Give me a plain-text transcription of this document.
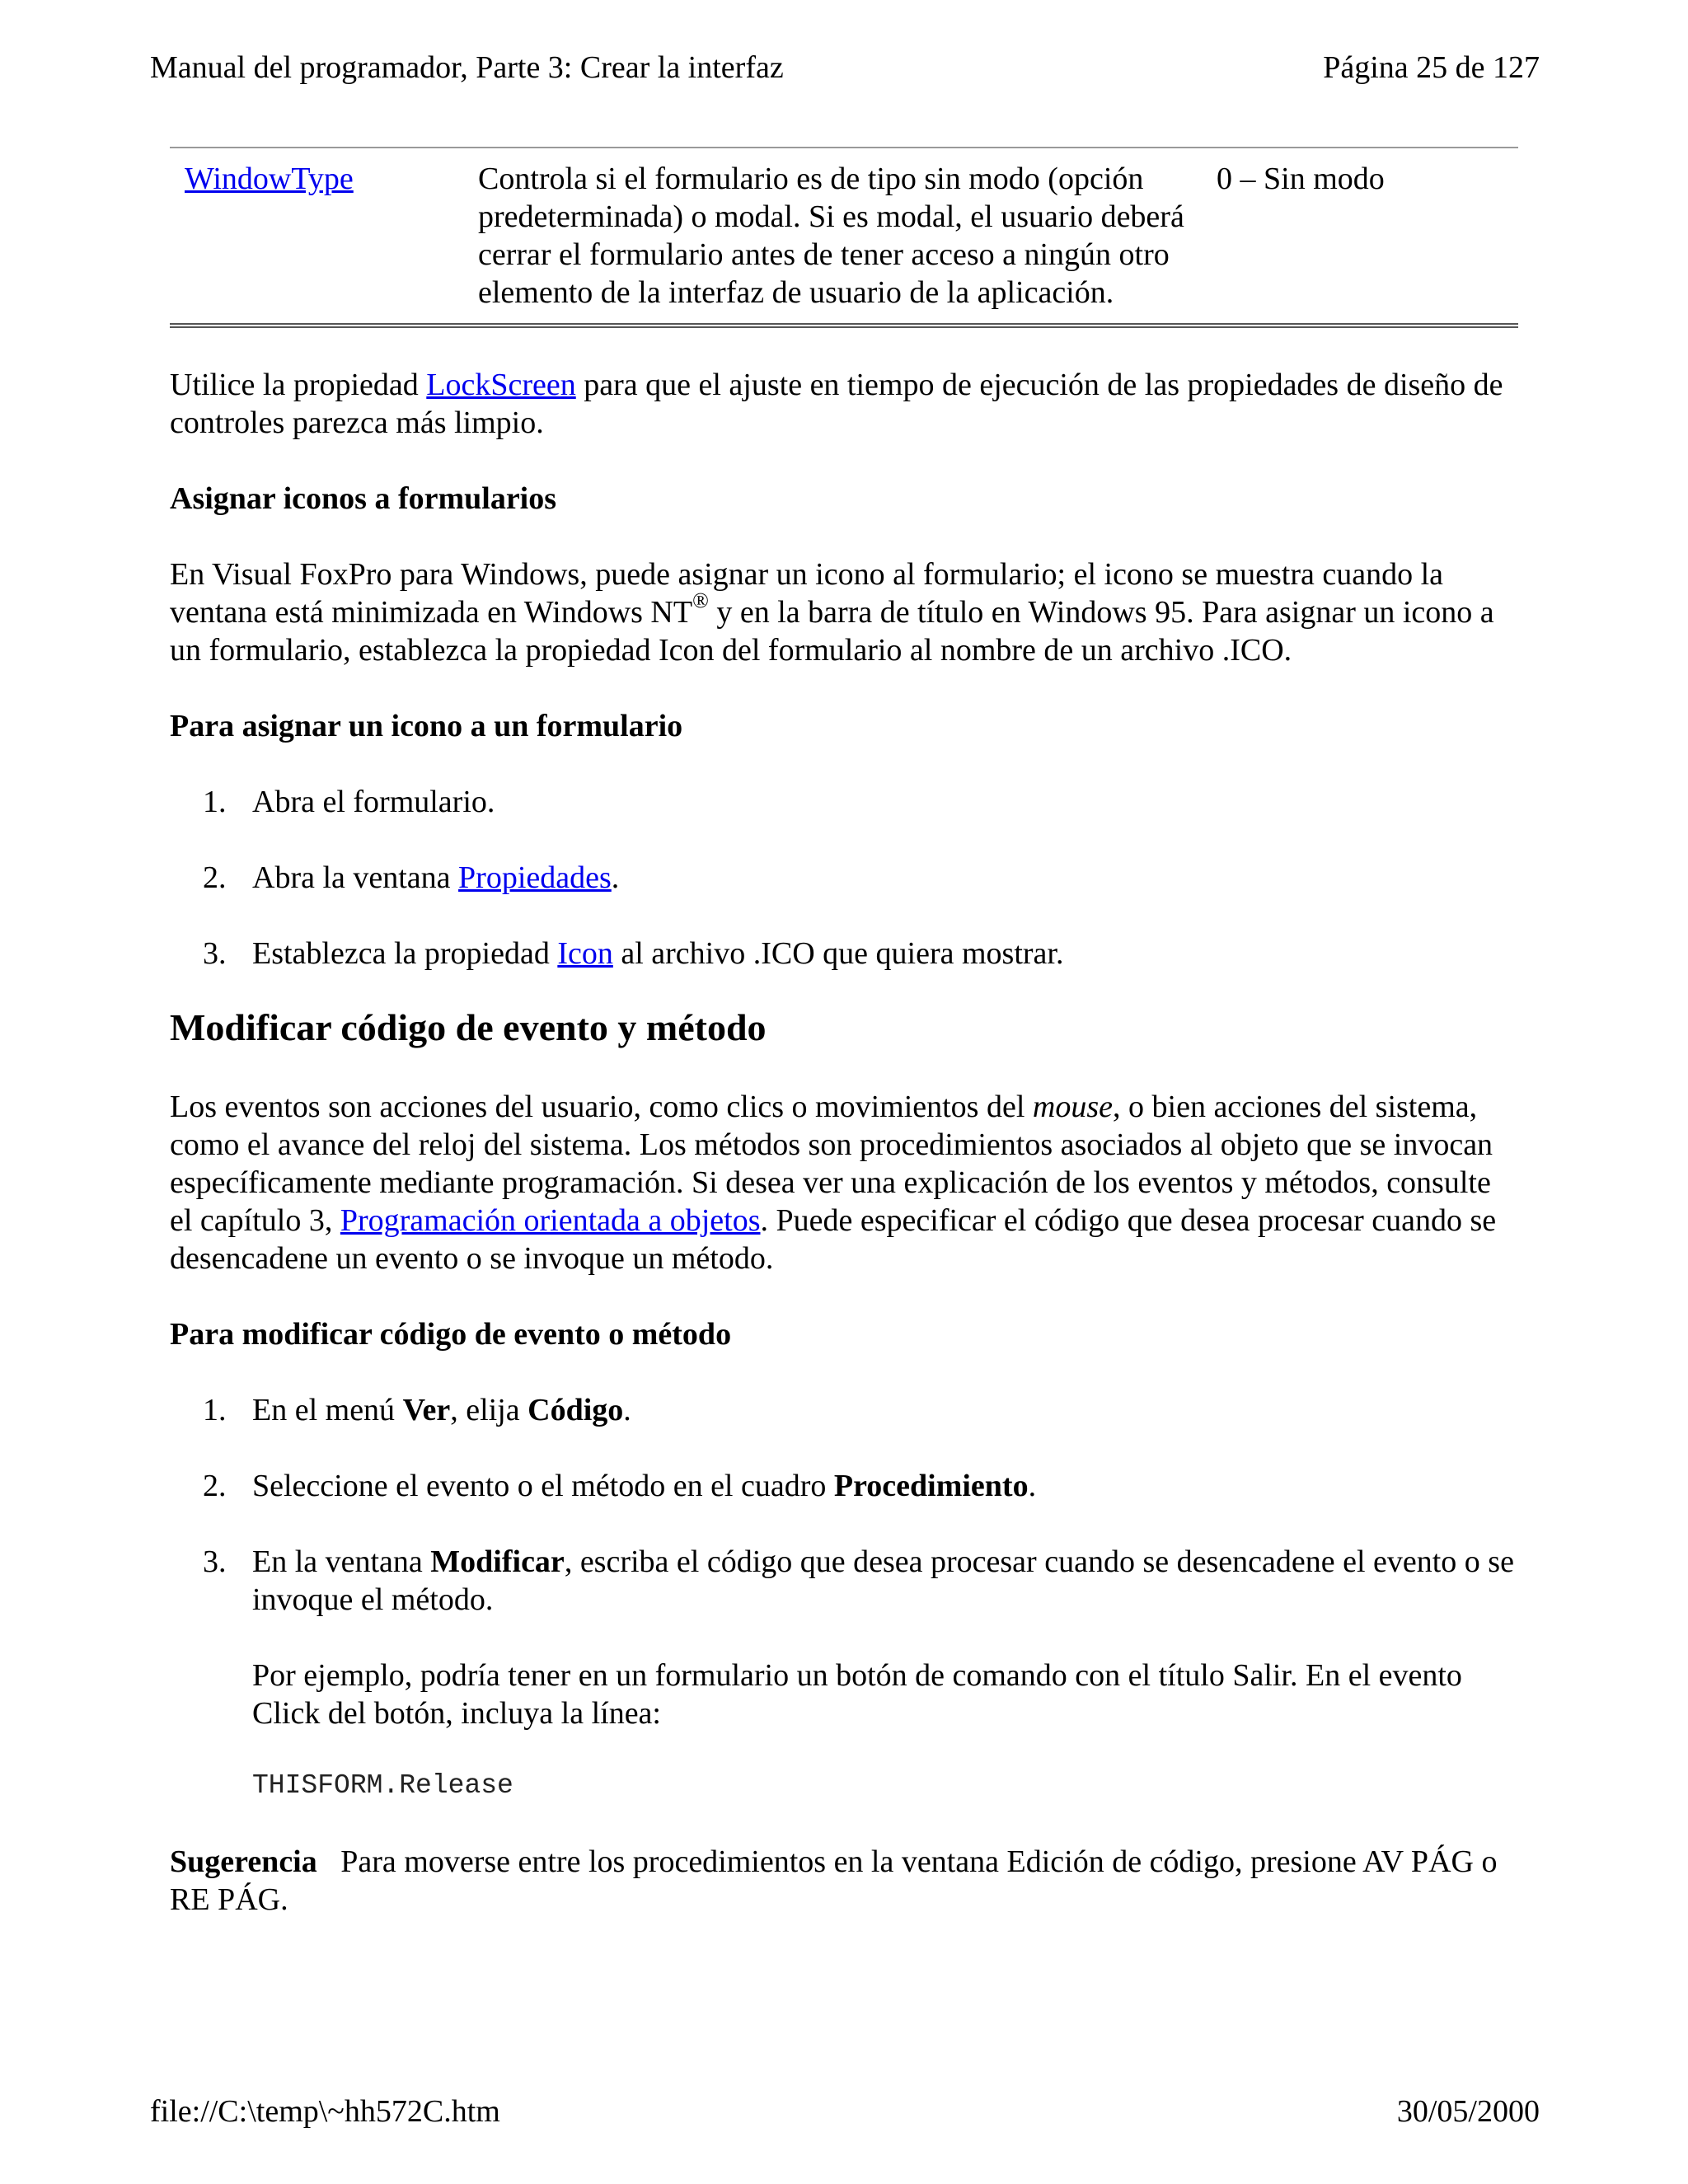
Manual del programador, Parte 3: Crear la interfaz	Página 25 de 127
WindowType	Controla si el formulario es de tipo sin modo (opción predeterminada) o modal. Si es modal, el usuario deberá cerrar el formulario antes de tener acceso a ningún otro elemento de la interfaz de usuario de la aplicación.	0 – Sin modo

Utilice la propiedad LockScreen para que el ajuste en tiempo de ejecución de las propiedades de diseño de controles parezca más limpio.

Asignar iconos a formularios

En Visual FoxPro para Windows, puede asignar un icono al formulario; el icono se muestra cuando la ventana está minimizada en Windows NT® y en la barra de título en Windows 95. Para asignar un icono a un formulario, establezca la propiedad Icon del formulario al nombre de un archivo .ICO.

Para asignar un icono a un formulario

1. Abra el formulario.
2. Abra la ventana Propiedades.
3. Establezca la propiedad Icon al archivo .ICO que quiera mostrar.

Modificar código de evento y método

Los eventos son acciones del usuario, como clics o movimientos del mouse, o bien acciones del sistema, como el avance del reloj del sistema. Los métodos son procedimientos asociados al objeto que se invocan específicamente mediante programación. Si desea ver una explicación de los eventos y métodos, consulte el capítulo 3, Programación orientada a objetos. Puede especificar el código que desea procesar cuando se desencadene un evento o se invoque un método.

Para modificar código de evento o método

1. En el menú Ver, elija Código.
2. Seleccione el evento o el método en el cuadro Procedimiento.
3. En la ventana Modificar, escriba el código que desea procesar cuando se desencadene el evento o se invoque el método.

Por ejemplo, podría tener en un formulario un botón de comando con el título Salir. En el evento Click del botón, incluya la línea:

THISFORM.Release

Sugerencia   Para moverse entre los procedimientos en la ventana Edición de código, presione AV PÁG o RE PÁG.

file://C:\temp\~hh572C.htm	30/05/2000
